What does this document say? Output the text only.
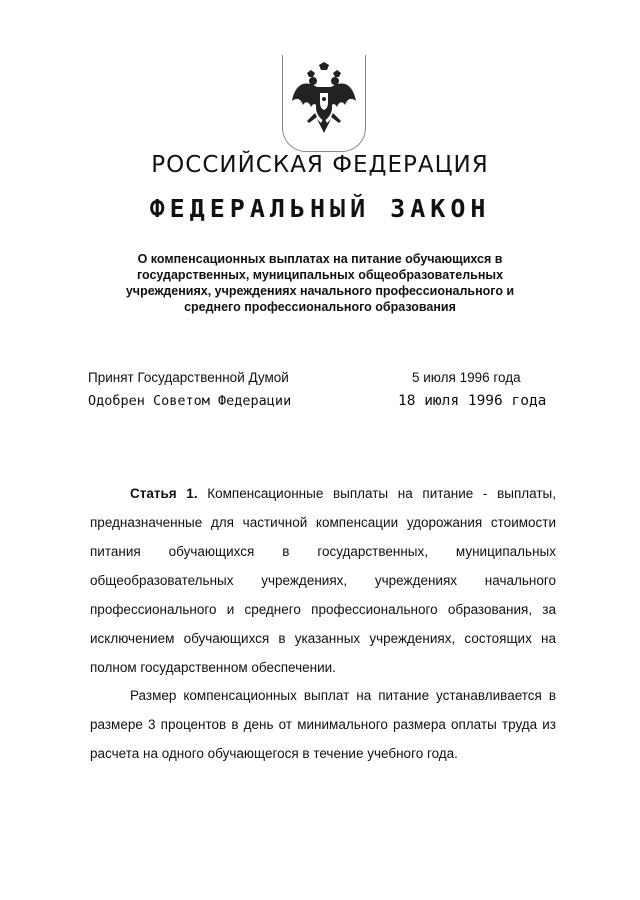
РОССИЙСКАЯ ФЕДЕРАЦИЯ
ФЕДЕРАЛЬНЫЙ ЗАКОН
О компенсационных выплатах на питание обучающихся в
государственных, муниципальных общеобразовательных
учреждениях, учреждениях начального профессионального и
среднего профессионального образования
Принят Государственной Думой	5 июля 1996 года
Одобрен Советом Федерации	18 июля 1996 года
Статья 1. Компенсационные выплаты на питание - выплаты, предназначенные для частичной компенсации удорожания стоимости питания обучающихся в государственных, муниципальных общеобразовательных учреждениях, учреждениях начального профессионального и среднего профессионального образования, за исключением обучающихся в указанных учреждениях, состоящих на полном государственном обеспечении.
Размер компенсационных выплат на питание устанавливается в размере 3 процентов в день от минимального размера оплаты труда из расчета на одного обучающегося в течение учебного года.
